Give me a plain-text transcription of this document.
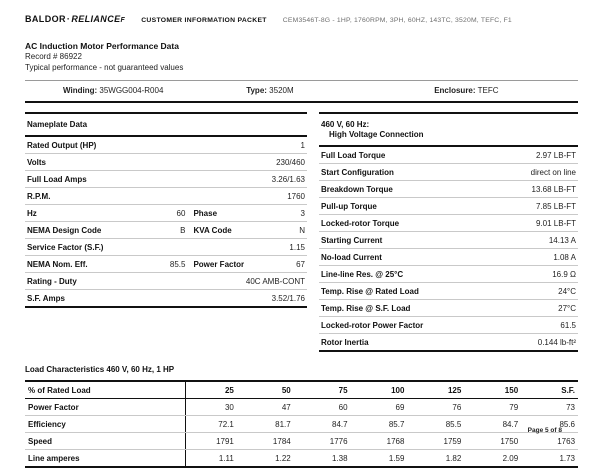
BALDOR·RELIANCEF CUSTOMER INFORMATION PACKET CEM3546T-8G - 1HP, 1760RPM, 3PH, 60HZ, 143TC, 3520M, TEFC, F1
AC Induction Motor Performance Data
Record # 86922
Typical performance - not guaranteed values
Winding: 35WGG004-R004	Type: 3520M	Enclosure: TEFC
Nameplate Data
Rated Output (HP)	1
Volts	230/460
Full Load Amps	3.26/1.63
R.P.M.	1760
Hz	60 Phase	3
NEMA Design Code	B KVA Code	N
Service Factor (S.F.)	1.15
NEMA Nom. Eff.	85.5 Power Factor	67
Rating - Duty	40C AMB-CONT
S.F. Amps	3.52/1.76
460 V, 60 Hz:
High Voltage Connection
Full Load Torque	2.97 LB-FT
Start Configuration	direct on line
Breakdown Torque	13.68 LB-FT
Pull-up Torque	7.85 LB-FT
Locked-rotor Torque	9.01 LB-FT
Starting Current	14.13 A
No-load Current	1.08 A
Line-line Res. @ 25°C	16.9 Ω
Temp. Rise @ Rated Load	24°C
Temp. Rise @ S.F. Load	27°C
Locked-rotor Power Factor	61.5
Rotor Inertia	0.144 lb-ft²
Load Characteristics 460 V, 60 Hz, 1 HP
% of Rated Load	25	50	75	100	125	150	S.F.
Power Factor	30	47	60	69	76	79	73
Efficiency	72.1	81.7	84.7	85.7	85.5	84.7	85.6
Speed	1791	1784	1776	1768	1759	1750	1763
Line amperes	1.11	1.22	1.38	1.59	1.82	2.09	1.73
Page 5 of 8
